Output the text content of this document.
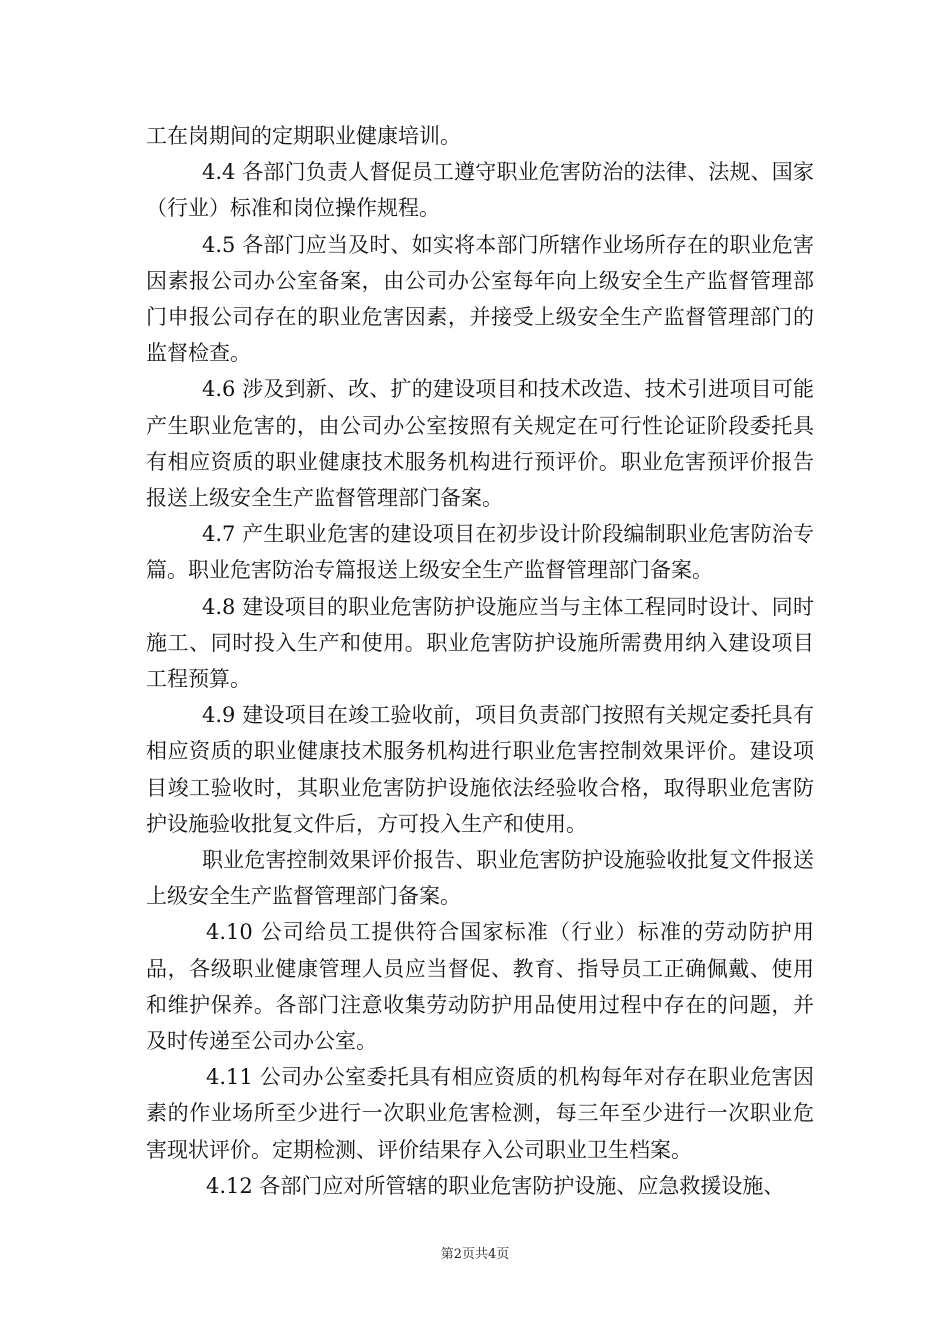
工在岗期间的定期职业健康培训。

4.4 各部门负责人督促员工遵守职业危害防治的法律、法规、国家（行业）标准和岗位操作规程。

4.5 各部门应当及时、如实将本部门所辖作业场所存在的职业危害因素报公司办公室备案，由公司办公室每年向上级安全生产监督管理部门申报公司存在的职业危害因素，并接受上级安全生产监督管理部门的监督检查。

4.6 涉及到新、改、扩的建设项目和技术改造、技术引进项目可能产生职业危害的，由公司办公室按照有关规定在可行性论证阶段委托具有相应资质的职业健康技术服务机构进行预评价。职业危害预评价报告报送上级安全生产监督管理部门备案。

4.7 产生职业危害的建设项目在初步设计阶段编制职业危害防治专篇。职业危害防治专篇报送上级安全生产监督管理部门备案。

4.8 建设项目的职业危害防护设施应当与主体工程同时设计、同时施工、同时投入生产和使用。职业危害防护设施所需费用纳入建设项目工程预算。

4.9 建设项目在竣工验收前，项目负责部门按照有关规定委托具有相应资质的职业健康技术服务机构进行职业危害控制效果评价。建设项目竣工验收时，其职业危害防护设施依法经验收合格，取得职业危害防护设施验收批复文件后，方可投入生产和使用。

职业危害控制效果评价报告、职业危害防护设施验收批复文件报送上级安全生产监督管理部门备案。

4.10 公司给员工提供符合国家标准（行业）标准的劳动防护用品，各级职业健康管理人员应当督促、教育、指导员工正确佩戴、使用和维护保养。各部门注意收集劳动防护用品使用过程中存在的问题，并及时传递至公司办公室。

4.11 公司办公室委托具有相应资质的机构每年对存在职业危害因素的作业场所至少进行一次职业危害检测，每三年至少进行一次职业危害现状评价。定期检测、评价结果存入公司职业卫生档案。

4.12 各部门应对所管辖的职业危害防护设施、应急救援设施、

第2页共4页
